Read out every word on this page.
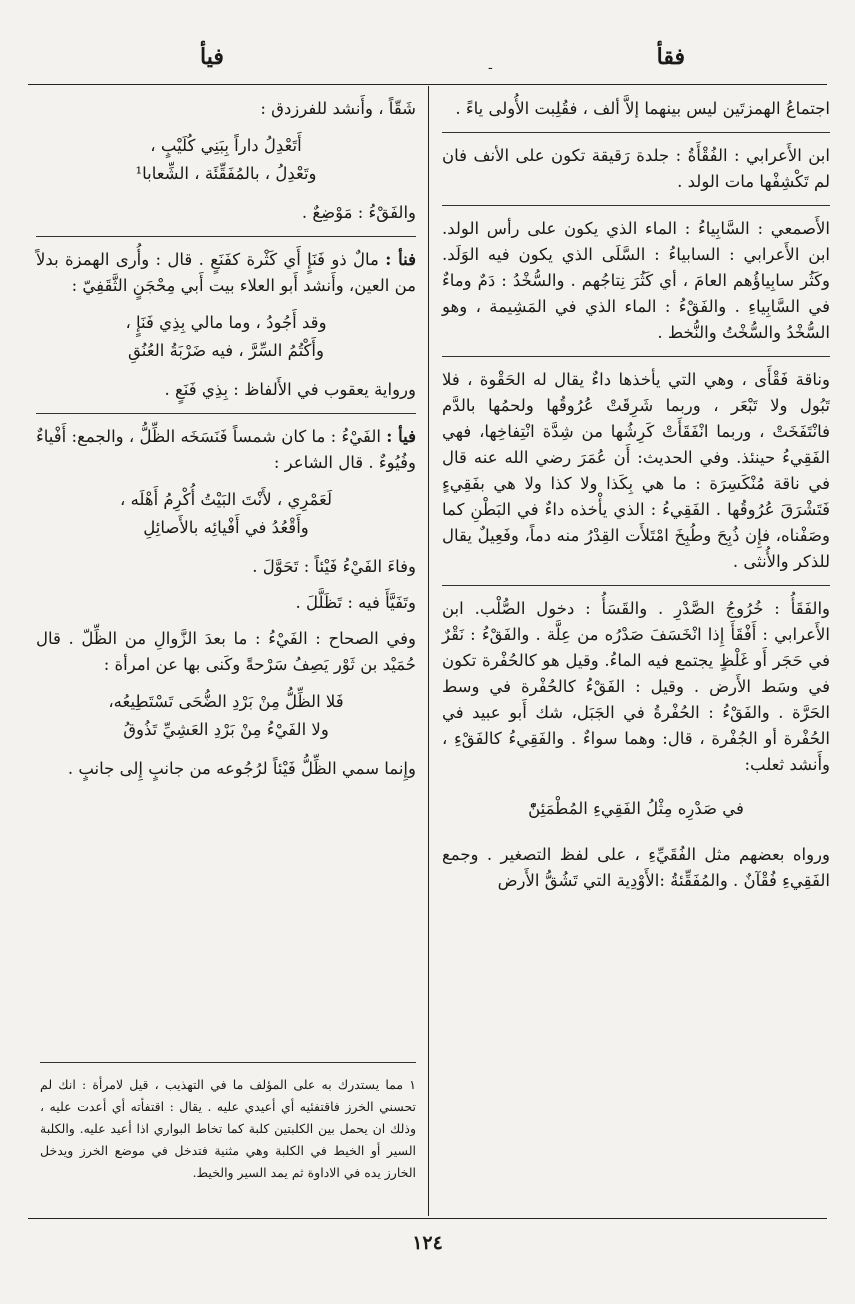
فقأ
-
فيأ

اجتماعُ الهمزتَين ليس بينهما إلاَّ ألف ، فقُلِبت الأُولى ياءً .

ابن الأَعرابي : الفُقْأَةُ : جلدة رَقيقة تكون على الأنف فان لم تَكْشِفْها مات الولد .

الأَصمعي : السَّابِياءُ : الماء الذي يكون على رأس الولد. ابن الأَعرابي : السابياءُ : السَّلَى الذي يكون فيه الوَلَد. وكَثُر سابِياؤُهم العامَ ، أي كَثُرَ نِتاجُهم . والسُّخْدُ : دَمٌ وماءٌ في السَّابِياءِ . والفَقْءُ : الماء الذي في المَشِيمة ، وهو السُّخْدُ والسُّخْتُ والنُّخط .

وناقة فَقْأَى ، وهي التي يأخذها داءٌ يقال له الحَقْوة ، فلا تَبُول ولا تَبْعَر ، وربما شَرِقَتْ عُرُوقُها ولحمُها بالدَّم فانْتَفَخَتْ ، وربما انْفَقَأَتْ كَرِشُها من شِدَّة انْتِفاخِها، فهي الفَقِيءُ حينئذ. وفي الحديث: أَن عُمَرَ رضي الله عنه قال في ناقة مُنْكَسِرَة : ما هي بِكَذا ولا كذا ولا هي بفَقِيءٍ فَتَشْرَقَ عُرُوقُها . الفَقِيءُ : الذي يأْخذه داءٌ في البَطْنِ كما وصَفْناه، فإِن ذُبِحَ وطُبِخَ امْتَلأَت القِدْرُ منه دماً، وفَعِيلٌ يقال للذكر والأُنثى .

والفَقَأُ : خُرُوجُ الصَّدْرِ . والقَسَأُ : دخول الصُّلْب. ابن الأَعرابي : أَفْقَأَ إِذا انْخَسَفَ صَدْرُه من عِلَّة . والفَقْءُ : نَقْرٌ في حَجَر أَو غَلْظٍ يجتمع فيه الماءُ. وقيل هو كالحُفْرة تكون في وسَط الأَرض . وقيل : الفَقْءُ كالحُفْرة في وسط الحَرَّة . والفَقْءُ : الحُفْرةُ في الجَبَل، شك أَبو عبيد في الحُفْرة أو الجُفْرة ، قال: وهما سواءٌ . والفَقِيءُ كالفَقْءِ ، وأَنشد ثعلب:

في صَدْرِه مِثْلُ الفَقِيءِ المُطْمَئِنّْ

ورواه بعضهم مثل الفُقَيِّءِ ، على لفظ التصغير . وجمع الفَقِيءِ فُقْآنٌ . والمُفَقِّئةُ :الأَوْدِية التي تَشُقُّ الأَرض

شَقّاً ، وأَنشد للفرزدق :

أَتَعْدِلُ داراً بِبَنِي كُلَيْبٍ ،
وتَعْدِلُ ، بالمُفَقِّئَة ، الشِّعابا¹

والفَقْءُ : مَوْضِعٌ .

فنأ : مالٌ ذو فَنَإٍ أَي كَثْرة كفَنَعٍ . قال : وأُرى الهمزة بدلاً من العين، وأَنشد أَبو العلاء بيت أَبي مِحْجَنٍ الثَّقَفِيّ :

وقد أَجُودُ ، وما مالي بِذِي فَنَإٍ ،
وأَكْتُمُ السِّرَّ ، فيه ضَرْبَةُ العُنُقِ

ورواية يعقوب في الأَلفاظ : بِذِي فَنَعٍ .

فيأ : الفَيْءُ : ما كان شمساً فَنَسَخَه الظِّلُّ ، والجمع: أَفْياءٌ وفُيُوءٌ . قال الشاعر :

لَعَمْرِي ، لأَنْتَ البَيْتُ أُكْرِمُ أَهْلَه ،
وأَقْعُدُ في أَفْيائِه بالأَصائِلِ

وفاءَ الفَيْءُ فَيْئاً : تَحَوَّلَ .

وتَفَيَّأَ فيه : تَظَلَّلَ .

وفي الصحاح : الفَيْءُ : ما بعدَ الزَّوالِ من الظِّلّ . قال حُمَيْد بن ثَوْر يَصِفُ سَرْحةً وكَنى بها عن امرأة :

فَلا الظِّلُّ مِنْ بَرْدِ الضُّحَى تَسْتَطِيعُه،
ولا الفَيْءُ مِنْ بَرْدِ العَشِيِّ تَذُوقُ

وإِنما سمي الظِّلُّ فَيْئاً لرُجُوعه من جانبٍ إِلى جانبٍ .

١ مما يستدرك به على المؤلف ما في التهذيب ، قيل لامرأة : انك لم تحسني الخرز فاقتفئيه أي أعيدي عليه . يقال : اقتفأته أي أعدت عليه ، وذلك ان يحمل بين الكلبتين كلبة كما تخاط البواري اذا أعيد عليه. والكلبة السير أو الخيط في الكلبة وهي مثنية فتدخل في موضع الخرز ويدخل الخارز يده في الاداوة ثم يمد السير والخيط.
١٢٤
